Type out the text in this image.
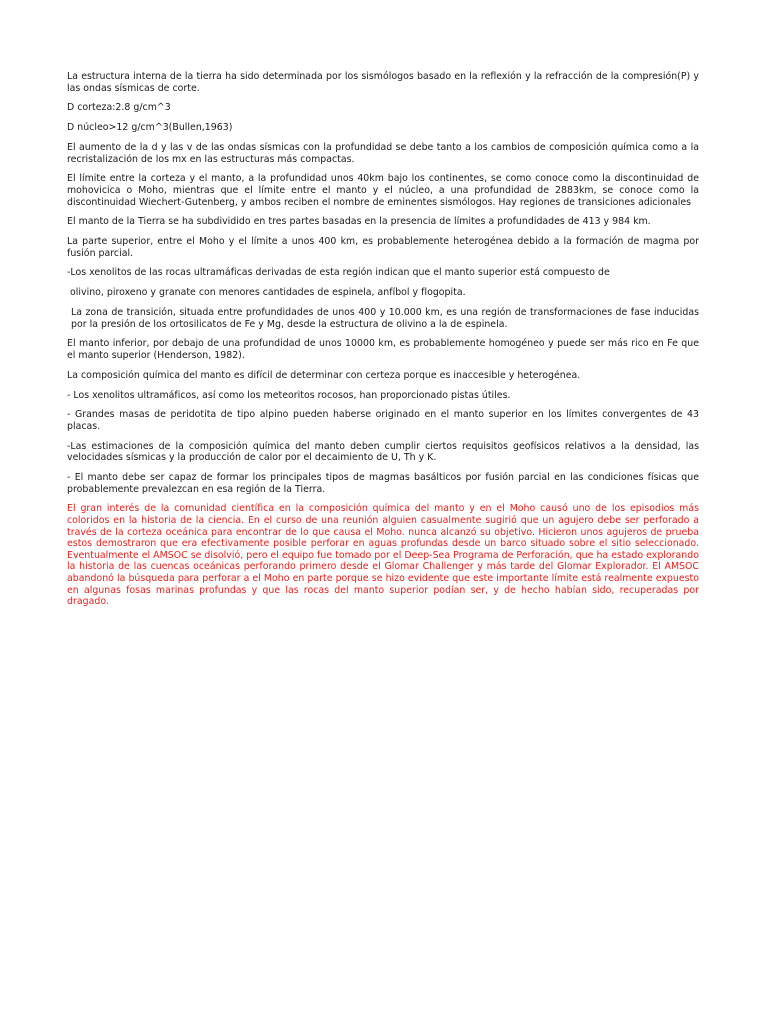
La estructura interna de la tierra ha sido determinada por los sismólogos basado en la reflexión y la refracción de la compresión(P) y las ondas sísmicas de corte.

D corteza:2.8 g/cm^3

D núcleo>12 g/cm^3(Bullen,1963)

El aumento de la d y las v de las ondas sísmicas con la profundidad se debe tanto a los cambios de composición química como a la recristalización de los mx en las estructuras más compactas.

El límite entre la corteza y el manto, a la profundidad unos 40km bajo los continentes, se como conoce como la discontinuidad de mohovicica o Moho, mientras que el límite entre el manto y el núcleo, a una profundidad de 2883km, se conoce como la discontinuidad Wiechert-Gutenberg, y ambos reciben el nombre de eminentes sismólogos. Hay regiones de transiciones adicionales

El manto de la Tierra se ha subdividido en tres partes basadas en la presencia de límites a profundidades de 413 y 984 km.

La parte superior, entre el Moho y el límite a unos 400 km, es probablemente heterogénea debido a la formación de magma por fusión parcial.

-Los xenolitos de las rocas ultramáficas derivadas de esta región indican que el manto superior está compuesto de

olivino, piroxeno y granate con menores cantidades de espinela, anfíbol y flogopita.

La zona de transición, situada entre profundidades de unos 400 y 10.000 km, es una región de transformaciones de fase inducidas por la presión de los ortosilicatos de Fe y Mg, desde la estructura de olivino a la de espinela.

El manto inferior, por debajo de una profundidad de unos 10000 km, es probablemente homogéneo y puede ser más rico en Fe que el manto superior (Henderson, 1982).

La composición química del manto es difícil de determinar con certeza porque es inaccesible y heterogénea.

- Los xenolitos ultramáficos, así como los meteoritos rocosos, han proporcionado pistas útiles.

- Grandes masas de peridotita de tipo alpino pueden haberse originado en el manto superior en los límites convergentes de 43 placas.

-Las estimaciones de la composición química del manto deben cumplir ciertos requisitos geofísicos relativos a la densidad, las velocidades sísmicas y la producción de calor por el decaimiento de U, Th y K.

- El manto debe ser capaz de formar los principales tipos de magmas basálticos por fusión parcial en las condiciones físicas que probablemente prevalezcan en esa región de la Tierra.

El gran interés de la comunidad científica en la composición química del manto y en el Moho causó uno de los episodios más coloridos en la historia de la ciencia. En el curso de una reunión alguien casualmente sugirió que un agujero debe ser perforado a través de la corteza oceánica para encontrar de lo que causa el Moho. nunca alcanzó su objetivo. Hicieron unos agujeros de prueba estos demostraron que era efectivamente posible perforar en aguas profundas desde un barco situado sobre el sitio seleccionado. Eventualmente el AMSOC se disolvió, pero el equipo fue tomado por el Deep-Sea Programa de Perforación, que ha estado explorando la historia de las cuencas oceánicas perforando primero desde el Glomar Challenger y más tarde del Glomar Explorador. El AMSOC abandonó la búsqueda para perforar a el Moho en parte porque se hizo evidente que este importante límite está realmente expuesto en algunas fosas marinas profundas y que las rocas del manto superior podían ser, y de hecho habían sido, recuperadas por dragado.
